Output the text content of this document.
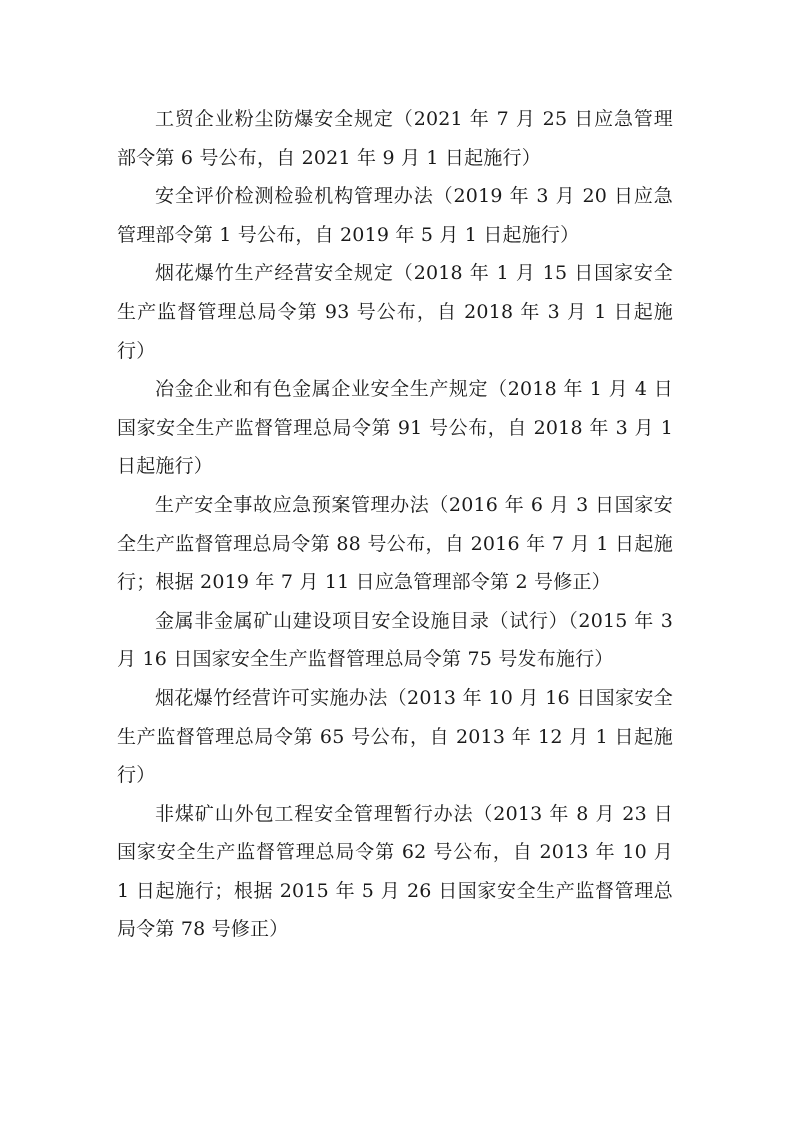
工贸企业粉尘防爆安全规定（2021 年 7 月 25 日应急管理部令第 6 号公布，自 2021 年 9 月 1 日起施行）

安全评价检测检验机构管理办法（2019 年 3 月 20 日应急管理部令第 1 号公布，自 2019 年 5 月 1 日起施行）

烟花爆竹生产经营安全规定（2018 年 1 月 15 日国家安全生产监督管理总局令第 93 号公布，自 2018 年 3 月 1 日起施行）

冶金企业和有色金属企业安全生产规定（2018 年 1 月 4 日国家安全生产监督管理总局令第 91 号公布，自 2018 年 3 月 1 日起施行）

生产安全事故应急预案管理办法（2016 年 6 月 3 日国家安全生产监督管理总局令第 88 号公布，自 2016 年 7 月 1 日起施行；根据 2019 年 7 月 11 日应急管理部令第 2 号修正）

金属非金属矿山建设项目安全设施目录（试行）（2015 年 3 月 16 日国家安全生产监督管理总局令第 75 号发布施行）

烟花爆竹经营许可实施办法（2013 年 10 月 16 日国家安全生产监督管理总局令第 65 号公布，自 2013 年 12 月 1 日起施行）

非煤矿山外包工程安全管理暂行办法（2013 年 8 月 23 日国家安全生产监督管理总局令第 62 号公布，自 2013 年 10 月 1 日起施行；根据 2015 年 5 月 26 日国家安全生产监督管理总局令第 78 号修正）
